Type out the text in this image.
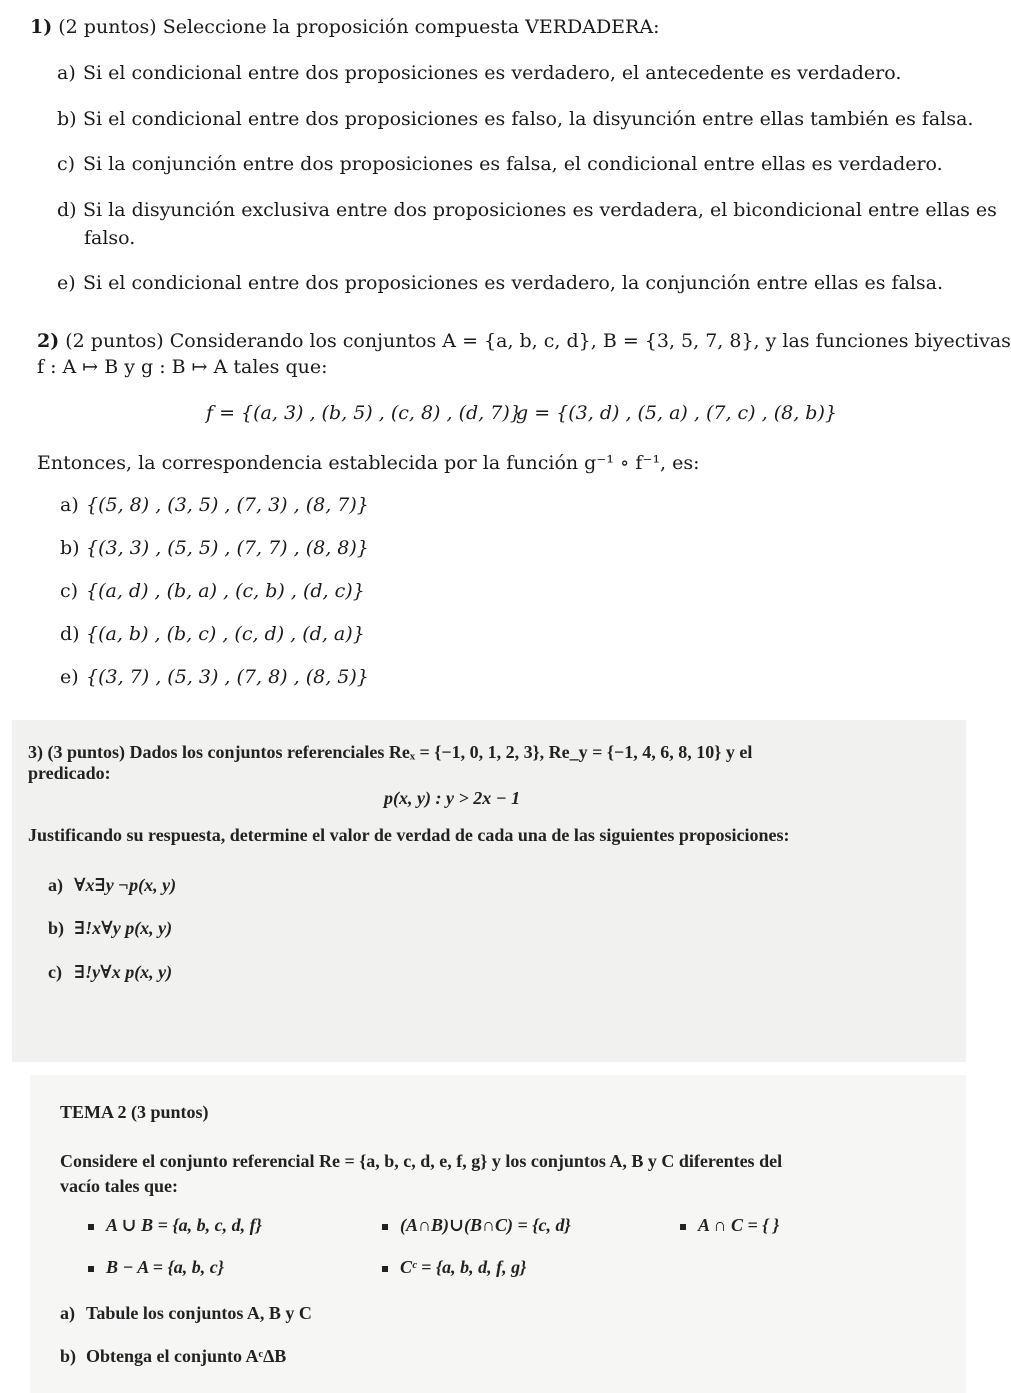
1) (2 puntos) Seleccione la proposición compuesta VERDADERA:
a) Si el condicional entre dos proposiciones es verdadero, el antecedente es verdadero.
b) Si el condicional entre dos proposiciones es falso, la disyunción entre ellas también es falsa.
c) Si la conjunción entre dos proposiciones es falsa, el condicional entre ellas es verdadero.
d) Si la disyunción exclusiva entre dos proposiciones es verdadera, el bicondicional entre ellas es
falso.
e) Si el condicional entre dos proposiciones es verdadero, la conjunción entre ellas es falsa.
2) (2 puntos) Considerando los conjuntos A = {a, b, c, d}, B = {3, 5, 7, 8}, y las funciones biyectivas
f : A ↦ B y g : B ↦ A tales que:
f = {(a, 3) , (b, 5) , (c, 8) , (d, 7)}
g = {(3, d) , (5, a) , (7, c) , (8, b)}
Entonces, la correspondencia establecida por la función g⁻¹ ∘ f⁻¹, es:
a) {(5, 8) , (3, 5) , (7, 3) , (8, 7)}
b) {(3, 3) , (5, 5) , (7, 7) , (8, 8)}
c) {(a, d) , (b, a) , (c, b) , (d, c)}
d) {(a, b) , (b, c) , (c, d) , (d, a)}
e) {(3, 7) , (5, 3) , (7, 8) , (8, 5)}
3) (3 puntos) Dados los conjuntos referenciales Reₓ = {−1, 0, 1, 2, 3}, Re_y = {−1, 4, 6, 8, 10} y el
predicado:
p(x, y) : y > 2x − 1
Justificando su respuesta, determine el valor de verdad de cada una de las siguientes proposiciones:
a) ∀x∃y ¬p(x, y)
b) ∃!x∀y p(x, y)
c) ∃!y∀x p(x, y)
TEMA 2 (3 puntos)
Considere el conjunto referencial Re = {a, b, c, d, e, f, g} y los conjuntos A, B y C diferentes del
vacío tales que:
A ∪ B = {a, b, c, d, f}	(A∩B)∪(B∩C) = {c, d}	A ∩ C = { }
B − A = {a, b, c}	Cᶜ = {a, b, d, f, g}
a) Tabule los conjuntos A, B y C
b) Obtenga el conjunto Aᶜ∆B
